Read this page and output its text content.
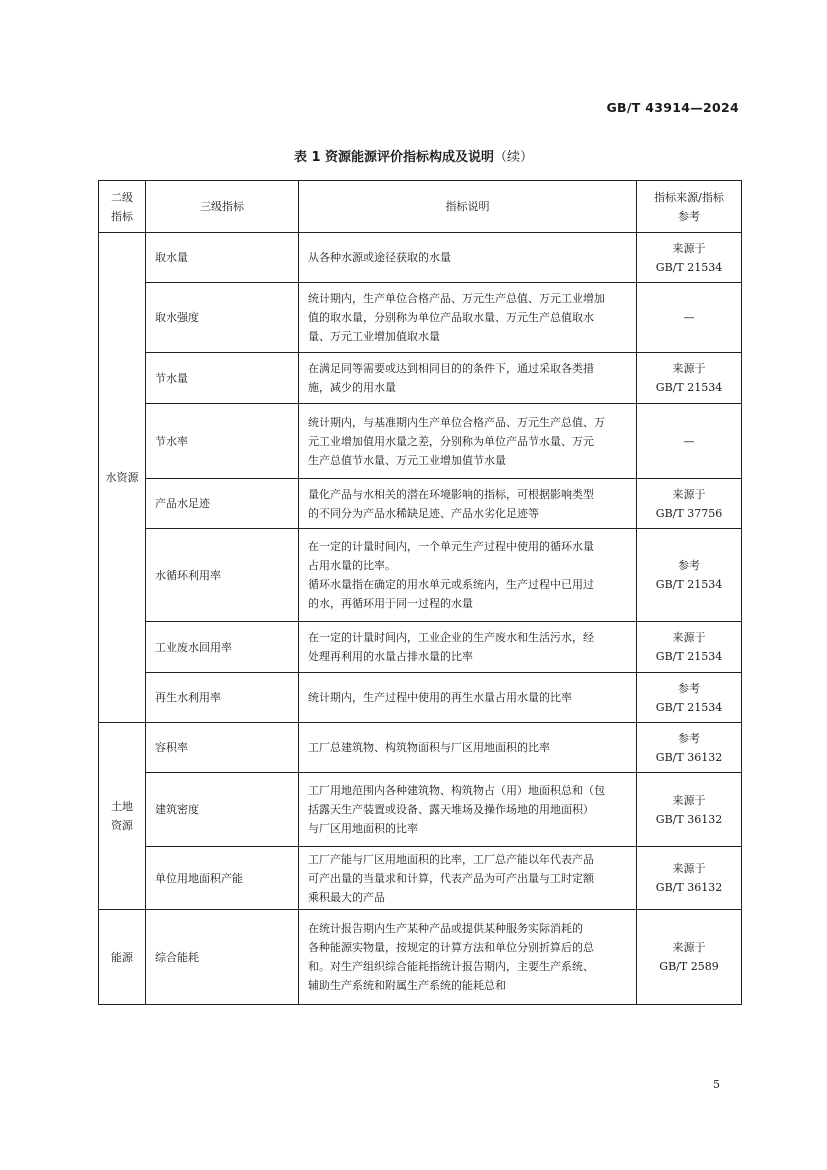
GB/T 43914—2024
表 1 资源能源评价指标构成及说明（续）
二级
指标	三级指标	指标说明	指标来源/指标
参考

水资源	取水量	从各种水源或途径获取的水量	来源于
GB/T 21534

	取水强度	统计期内，生产单位合格产品、万元生产总值、万元工业增加
值的取水量，分别称为单位产品取水量、万元生产总值取水
量、万元工业增加值取水量	—

	节水量	在满足同等需要或达到相同目的的条件下，通过采取各类措
施，减少的用水量	来源于
GB/T 21534

	节水率	统计期内，与基准期内生产单位合格产品、万元生产总值、万
元工业增加值用水量之差，分别称为单位产品节水量、万元
生产总值节水量、万元工业增加值节水量	—

	产品水足迹	量化产品与水相关的潜在环境影响的指标，可根据影响类型
的不同分为产品水稀缺足迹、产品水劣化足迹等	来源于
GB/T 37756

	水循环利用率	在一定的计量时间内，一个单元生产过程中使用的循环水量
占用水量的比率。
循环水量指在确定的用水单元或系统内，生产过程中已用过
的水，再循环用于同一过程的水量	参考
GB/T 21534

	工业废水回用率	在一定的计量时间内，工业企业的生产废水和生活污水，经
处理再利用的水量占排水量的比率	来源于
GB/T 21534

	再生水利用率	统计期内，生产过程中使用的再生水量占用水量的比率	参考
GB/T 21534

土地
资源	容积率	工厂总建筑物、构筑物面积与厂区用地面积的比率	参考
GB/T 36132

	建筑密度	工厂用地范围内各种建筑物、构筑物占（用）地面积总和（包
括露天生产装置或设备、露天堆场及操作场地的用地面积）
与厂区用地面积的比率	来源于
GB/T 36132

	单位用地面积产能	工厂产能与厂区用地面积的比率，工厂总产能以年代表产品
可产出量的当量求和计算，代表产品为可产出量与工时定额
乘积最大的产品	来源于
GB/T 36132

能源	综合能耗	在统计报告期内生产某种产品或提供某种服务实际消耗的
各种能源实物量，按规定的计算方法和单位分别折算后的总
和。对生产组织综合能耗指统计报告期内，主要生产系统、
辅助生产系统和附属生产系统的能耗总和	来源于
GB/T 2589
5
